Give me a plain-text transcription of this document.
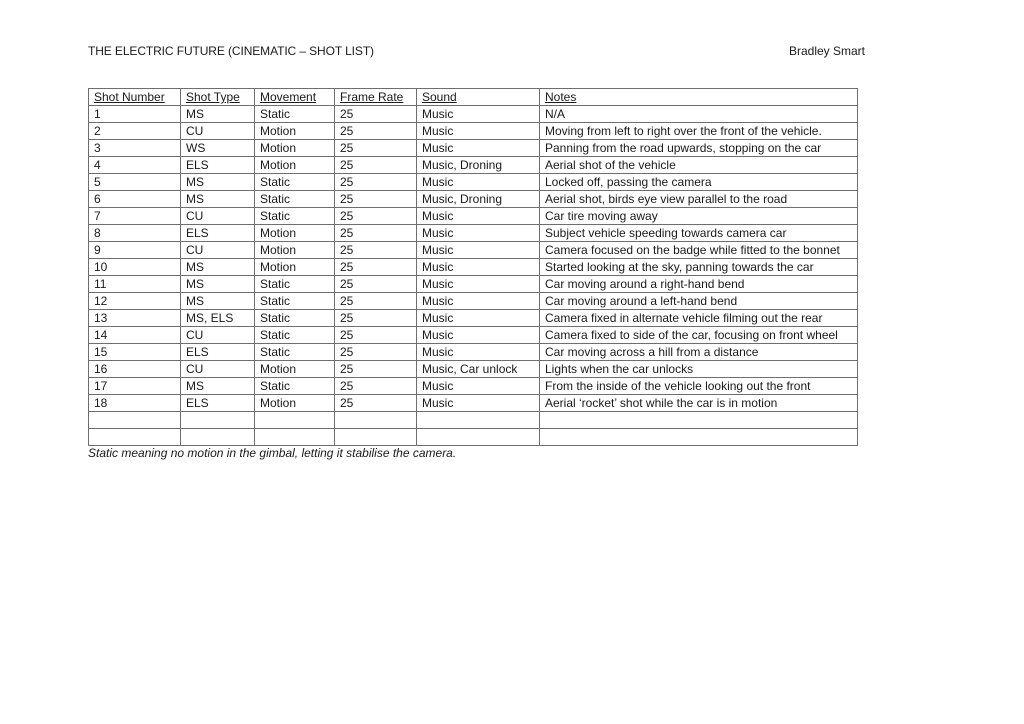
THE ELECTRIC FUTURE (CINEMATIC – SHOT LIST)	Bradley Smart
Shot Number	Shot Type	Movement	Frame Rate	Sound	Notes
1	MS	Static	25	Music	N/A
2	CU	Motion	25	Music	Moving from left to right over the front of the vehicle.
3	WS	Motion	25	Music	Panning from the road upwards, stopping on the car
4	ELS	Motion	25	Music, Droning	Aerial shot of the vehicle
5	MS	Static	25	Music	Locked off, passing the camera
6	MS	Static	25	Music, Droning	Aerial shot, birds eye view parallel to the road
7	CU	Static	25	Music	Car tire moving away
8	ELS	Motion	25	Music	Subject vehicle speeding towards camera car
9	CU	Motion	25	Music	Camera focused on the badge while fitted to the bonnet
10	MS	Motion	25	Music	Started looking at the sky, panning towards the car
11	MS	Static	25	Music	Car moving around a right-hand bend
12	MS	Static	25	Music	Car moving around a left-hand bend
13	MS, ELS	Static	25	Music	Camera fixed in alternate vehicle filming out the rear
14	CU	Static	25	Music	Camera fixed to side of the car, focusing on front wheel
15	ELS	Static	25	Music	Car moving across a hill from a distance
16	CU	Motion	25	Music, Car unlock	Lights when the car unlocks
17	MS	Static	25	Music	From the inside of the vehicle looking out the front
18	ELS	Motion	25	Music	Aerial ‘rocket’ shot while the car is in motion

Static meaning no motion in the gimbal, letting it stabilise the camera.
